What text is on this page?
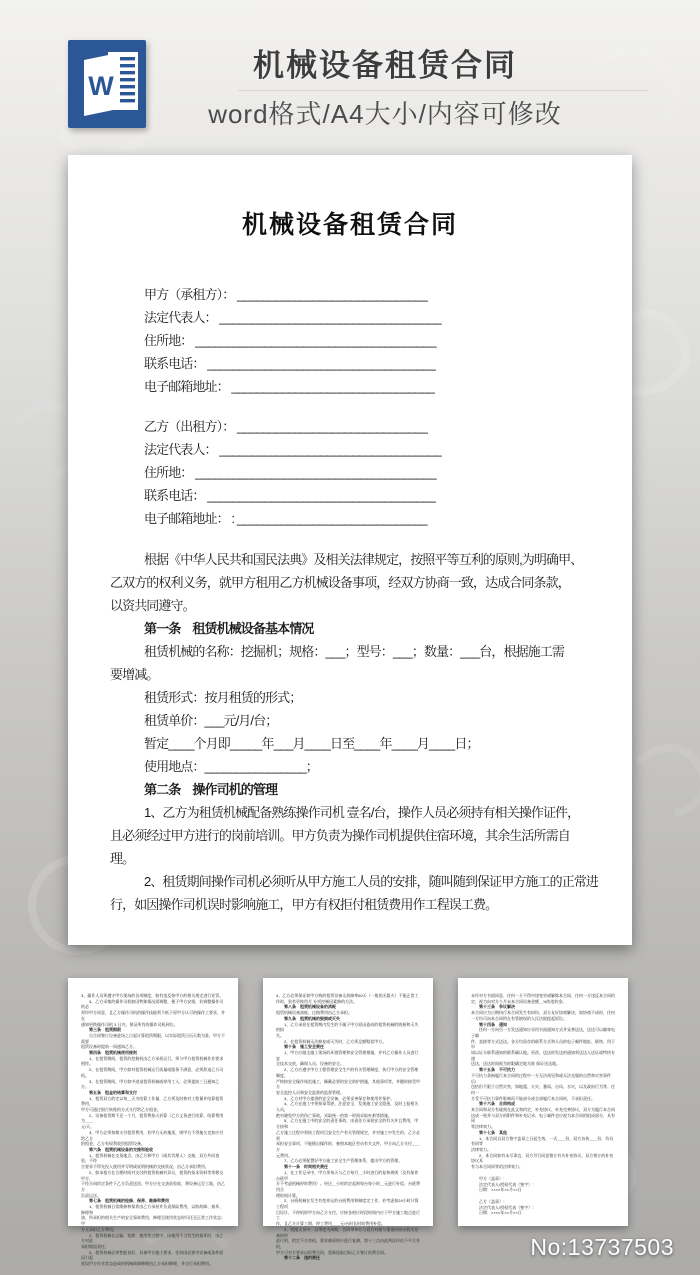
W
机械设备租赁合同
word格式/A4大小/内容可修改
机械设备租赁合同
甲方（承租方）： ______________________________
法定代表人： ___________________________________
住所地： ______________________________________
联系电话： ____________________________________
电子邮箱地址： ________________________________
乙方（出租方）： ______________________________
法定代表人： ___________________________________
住所地： ______________________________________
联系电话： ____________________________________
电子邮箱地址： : ______________________________
根据《中华人民共和国民法典》及相关法律规定，按照平等互利的原则,为明确甲、
乙双方的权利义务，就甲方租用乙方机械设备事项，经双方协商一致，达成合同条款，
以资共同遵守。
第一条　租赁机械设备基本情况
租赁机械的名称：挖掘机；规格：___；型号：___；数量：___台，根据施工需
要增减。
租赁形式：按月租赁的形式；
租赁单价：___元/月/台；
暂定____个月即_____年___月____日至____年____月____日；
使用地点：________________；
第二条　操作司机的管理
1、乙方为租赁机械配备熟练操作司机 壹名/台，操作人员必须持有相关操作证件，
且必须经过甲方进行的岗前培训。甲方负责为操作司机提供住宿环境，其余生活所需自
理。
2、租赁期间操作司机必须听从甲方施工人员的安排，随叫随到保证甲方施工的正常进
行，如因操作司机误时影响施工，甲方有权拒付租赁费用作工程误工费。
3、操作人员须遵守甲方现场的各项制度，如有违反按甲方的相关规定进行处罚。
4、乙方采集的操作司机如因特殊情况需调整，便于甲方安排，若调整操作司机必
须经甲方同意，且乙方操作司机的操作技能须不低于原甲方认可的操作工要求，并在
通知更换操作司机 3 日内，保证所有的操作司机到位。
第三条　租赁期限
自合同签订设备进场之日起计算租赁期限，以实际租赁日历天数为准，甲方不需要
租赁设备时提前一周通知乙方。
第四条　租赁机械使用规则
1、在租赁期间，租赁的挖掘机由乙方承担运行，须与甲方租赁机械作业要求相符。
2、在租赁期间，甲方如对租赁机械运行质量或服务不满意，必须辞退乙方司机。
3、在租赁期间，甲方如中途退租赁机械或停用工人，必须提前三日通知乙方。
第五条　租金的结算和支付
1、租赁双方约定以每＿天为结算工作量，乙方须及时核对工程量并结算租赁费用，
甲方可通过银行转账的方式支付给乙方租金。
2、设备租赁期不足一个月，租赁费按天折算（乙方义务进行结算，结算费用为＿＿
元/天。
3、甲方必须按期支付租赁费用，若甲方无故拖延，则甲方不得拖欠克扣应付给乙方
的租金，乙方有权利收回租赁设备。
第六条　租赁机械设备的交接和验收
1、租赁机械在交货地点，由乙方和甲方（或其代理人）交接，双方共同查验，不符
合要求不得先投入使用并写明或说明机械的交接状况，由乙方承担费用。
2、如承租方在合理时间对交付的租赁机械有异议，租赁的技术资料等须移交甲方，
不符合同约定条件下乙方负责送回，甲方应在交货前验收，将设备运至工地，由乙方
负责运送。
第七条　租赁机械的检修、保养、维修和费用
1、租赁机械日常维修和保养由乙方承担并负责保险费用，以防故障、损坏、修理和
油，所承担的相关生产的安全事故费用，修理至使用状态时归还至正常工作状态；甲
方无承担乙方费用。
2、租赁机械在运输、装卸、使用等过程中，因使用不当发生的损坏时，由乙方对此
承担赔偿责任。
3、租赁机械必须性能良好，具备甲方施工要求，任何因必要中设备或条件原因引起
延误甲方作业状态造成的机械故障修理由乙方承担修理，并自行承担费用。
4、乙方必须保证如甲方购的租赁设备无故障率60天（一般的无限火）不能正常工
作时，验有更换用月 专项控制因素修约方法。
第八条　租赁机械设备的消耗
租赁机械设备油耗、过路费用由乙方承担。
第九条　租赁机械的毁损或灭失
1、乙方承担在租赁期内发生的不属于甲方原因造成的租赁机械的毁损和灭失的损
失。
2、在租赁机械无法修复或灭失时，乙方须足额赔偿甲方。
第十条　施工安全责任
1、甲方应做全施工现场的环境管理和安全管理措施，并对乙方操作人员进行安
全技术交底，确保人员、设备的安全。
2、乙方应遵守甲方工程管理安全生产的有关管理制度，执行甲方的安全管理制度，
严格按安全操作规范施工，佩戴必要的安全防护措施，其他事项等，并随时接受甲方
安全监控人员和安全监督的监督管理。
3、乙方对甲方提供的安全设备，必须妥善保存和使用并保护。
4、乙方在施工中须按章驾驶、注意安全，发现施工安全隐患，及时上报相关人员，
绝对避免甲方的伤亡事故，采取统一的第一时间采取补救等措施。
5、乙方在施工中的安全的责任事故，由责任方承担安全的有关并且费用，甲方按和
乙方施工过程中须按工程项目安全生产有关管理规定，并对施工中发生的，乙方必须
承担安全事项，不能擅自操作时，参照本地区劳动有关文件，甲方向乙方支付＿＿万
元费用。
7、乙方必须配置好甲方施工安全生产管理体系，提出甲方的管理。
第十一条　时间相关责任
1、在工作记录中，甲方须每天与乙方每月＿小时进行的复核规则（及有保养台班甲
方不考虑机械停时费用）。经过＿小时约定起则每台每小时＿元进行补偿，台班费用合
理时间计算。
2、台班机械在发生有变停运的台班费用和制度定工作，若考虑按24小时计算工程项
目设计，不停机时甲方向乙方支付，应按各相应时段时间内应于甲方施工地点进行工
作，且乙方计算工期、停工费用＿＿元/台时长时间费用补偿。
3、机组人员中，以季度为周期，合同带单位与双方对接与重视经协议机关设备按时
进行的，约定不合有机，要求被原则应进行复测，第十三点由此两次评估不平合有机，
甲方可对方要求以机费合同，重新选取目标乙方签订机费合同。
第十二条　违约责任
未经对方书面同意，任何一方不得中途变更或解除本合同，任何一方违反本合同约
定，视为向对方个月未本合同设备金额＿%的违约金。
第十三条　争议解决
本合同应为日期执行本合同发生有纠纷，双方友好协商解决，如协商不成时，任何
一方均可向本合同所在有管辖权的人民法院提起诉讼。
第十四条　通知
任何一方向另一方发送通知应采用书面通知方式并妥善送达，送达可以邮寄电子邮
件、直接等方式送达。各方均留存的联系方式和人员的电子邮件地址、联络，用于申
请以证方联系通知的联系确认地。更改、送达时发送的通知须送达人送证或特快专递
送达，送达时间视为时限确定地为准 保证送达地。
第十五条　不可抗力
不可抗力条指履行本合同的过程中一方无法预见和或无法克服的自然和灾害事件后/
包括但不限于自然灾害，如地震、火灾、暴雨、台风、水灾，以及政府行为等。任何一
方受不可抗力事件影响而不能部分或全部履行本合同时，不承担责任。
第十六条　合同构成
本合同和双方有磋商在此文和约定，补充协议、补充完善协议，双方为履行本合同
达成一致并与双方的附件和补充记录、电子邮件也应视为本合同的组成部分，具有同
等法律效力。
第十七条　其他
1、本合同自双方签字盖章之日起生效，一式＿＿份，双方各执＿＿份，均具有同等
法律效力。
2、本合同如有未尽事宜，双方另行同意签订有关补充协议，双方签订的补充协议具
有与本合同同等的法律效力。
甲方（盖章）：
法定代表人/授权代表（签字）：
日期：××××年××月××日
乙方（盖章）：
法定代表人/授权代表（签字）：
日期：××××年××月××日
No:13737503
